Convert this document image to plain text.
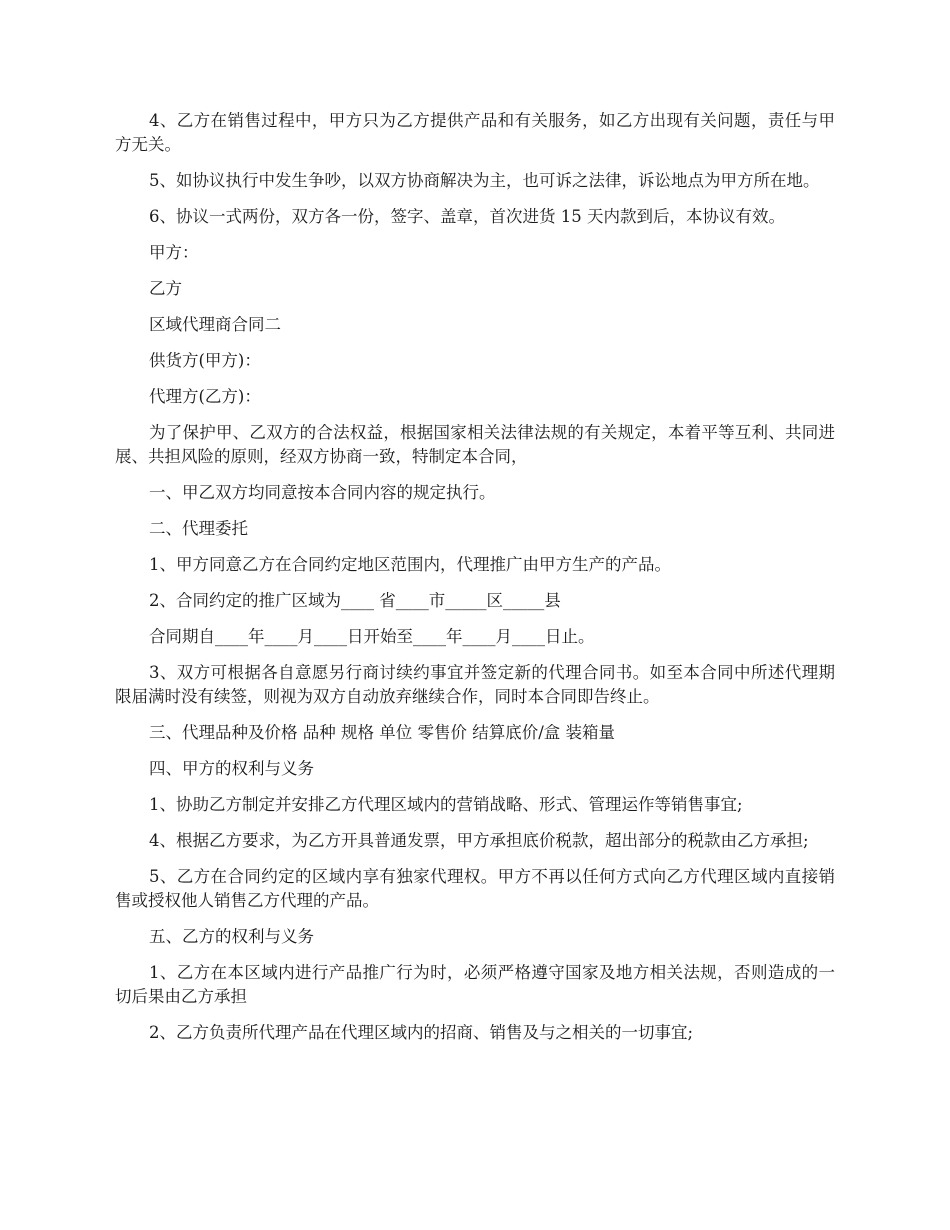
4、乙方在销售过程中，甲方只为乙方提供产品和有关服务，如乙方出现有关问题，责任与甲方无关。

5、如协议执行中发生争吵，以双方协商解决为主，也可诉之法律，诉讼地点为甲方所在地。

6、协议一式两份，双方各一份，签字、盖章，首次进货 15 天内款到后，本协议有效。

甲方：

乙方

区域代理商合同二

供货方(甲方)：

代理方(乙方)：

为了保护甲、乙双方的合法权益，根据国家相关法律法规的有关规定，本着平等互利、共同进展、共担风险的原则，经双方协商一致，特制定本合同，

一、甲乙双方均同意按本合同内容的规定执行。

二、代理委托

1、甲方同意乙方在合同约定地区范围内，代理推广由甲方生产的产品。

2、合同约定的推广区域为____ 省____市_____区_____县

合同期自____年____月____日开始至____年____月____日止。

3、双方可根据各自意愿另行商讨续约事宜并签定新的代理合同书。如至本合同中所述代理期限届满时没有续签，则视为双方自动放弃继续合作，同时本合同即告终止。

三、代理品种及价格 品种 规格 单位 零售价 结算底价/盒 装箱量

四、甲方的权利与义务

1、协助乙方制定并安排乙方代理区域内的营销战略、形式、管理运作等销售事宜;

4、根据乙方要求，为乙方开具普通发票，甲方承担底价税款，超出部分的税款由乙方承担;

5、乙方在合同约定的区域内享有独家代理权。甲方不再以任何方式向乙方代理区域内直接销售或授权他人销售乙方代理的产品。

五、乙方的权利与义务

1、乙方在本区域内进行产品推广行为时，必须严格遵守国家及地方相关法规，否则造成的一切后果由乙方承担

2、乙方负责所代理产品在代理区域内的招商、销售及与之相关的一切事宜;
